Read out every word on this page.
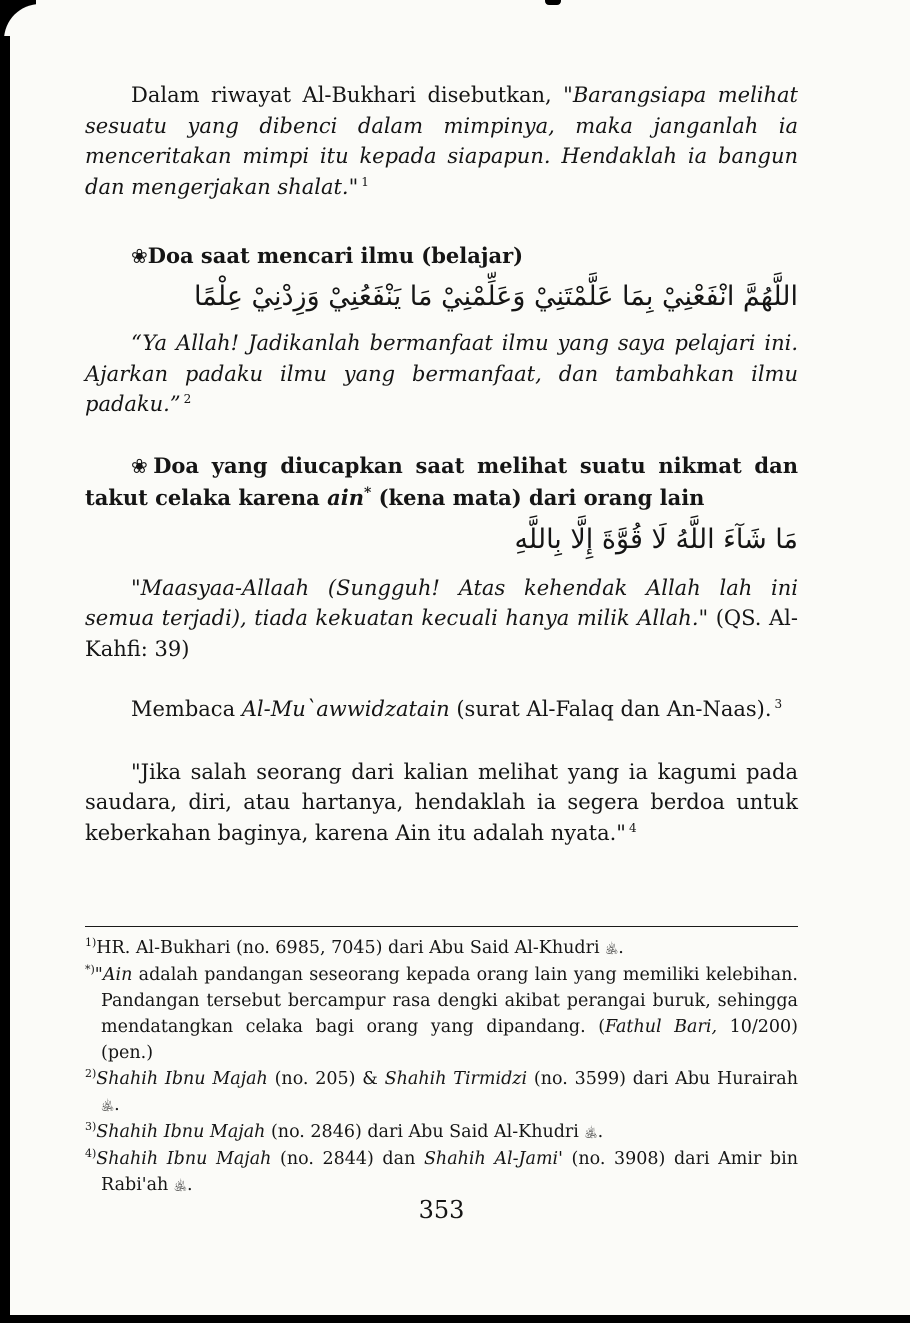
Dalam riwayat Al-Bukhari disebutkan, "Barangsiapa melihat sesuatu yang dibenci dalam mimpinya, maka janganlah ia menceritakan mimpi itu kepada siapapun. Hendaklah ia bangun dan mengerjakan shalat." $^1$

❀Doa saat mencari ilmu (belajar)

اللَّهُمَّ انْفَعْنِيْ بِمَا عَلَّمْتَنِيْ وَعَلِّمْنِيْ مَا يَنْفَعُنِيْ وَزِدْنِيْ عِلْمًا

“Ya Allah! Jadikanlah bermanfaat ilmu yang saya pelajari ini. Ajarkan padaku ilmu yang bermanfaat, dan tambahkan ilmu padaku.” $^2$

❀Doa yang diucapkan saat melihat suatu nikmat dan takut celaka karena ain* (kena mata) dari orang lain

مَا شَآءَ اللَّهُ لَا قُوَّةَ إِلَّا بِاللَّهِ

"Maasyaa-Allaah (Sungguh! Atas kehendak Allah lah ini semua terjadi), tiada kekuatan kecuali hanya milik Allah." (QS. Al- Kahfi: 39)

Membaca Al-Mu`awwidzatain (surat Al-Falaq dan An-Naas). $^3$

"Jika salah seorang dari kalian melihat yang ia kagumi pada saudara, diri, atau hartanya, hendaklah ia segera berdoa untuk keberkahan baginya, karena Ain itu adalah nyata." $^4$

$^{1)}$HR. Al-Bukhari (no. 6985, 7045) dari Abu Said Al-Khudri ﵁.
*)"Ain adalah pandangan seseorang kepada orang lain yang memiliki kelebihan. Pandangan tersebut bercampur rasa dengki akibat perangai buruk, sehingga mendatangkan celaka bagi orang yang dipandang. (Fathul Bari, 10/200) (pen.)
$^{2)}$Shahih Ibnu Majah (no. 205) & Shahih Tirmidzi (no. 3599) dari Abu Hurairah ﵁.
$^{3)}$Shahih Ibnu Majah (no. 2846) dari Abu Said Al-Khudri ﵁.
$^{4)}$Shahih Ibnu Majah (no. 2844) dan Shahih Al-Jami' (no. 3908) dari Amir bin Rabi'ah ﵁.
353
